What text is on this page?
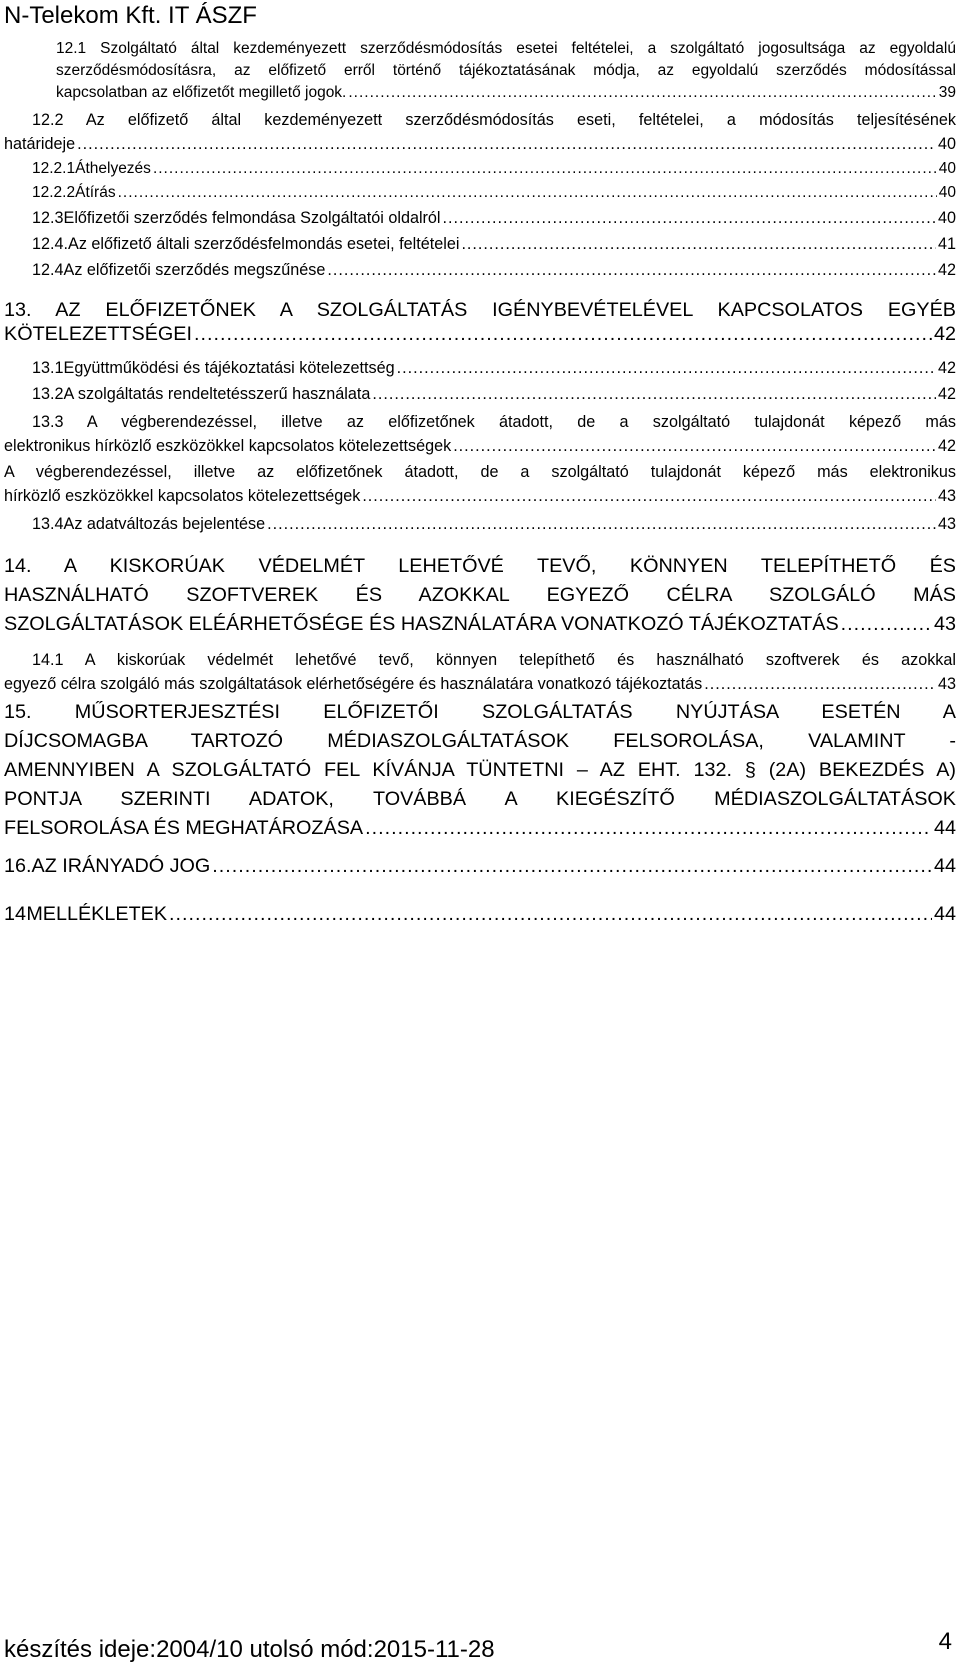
N-Telekom Kft. IT ÁSZF
12.1 Szolgáltató által kezdeményezett szerződésmódosítás esetei feltételei, a szolgáltató jogosultsága az egyoldalú
szerződésmódosításra, az előfizető erről történő tájékoztatásának módja, az egyoldalú szerződés módosítással
kapcsolatban az előfizetőt megillető jogok. .....	39
12.2 Az előfizető által kezdeményezett szerződésmódosítás eseti, feltételei, a módosítás teljesítésének
határideje .....	40
12.2.1 Áthelyezés .....	40
12.2.2 Átírás .....	40
12.3 Előfizetői szerződés felmondása Szolgáltatói oldalról .....	40
12.4. Az előfizető általi szerződésfelmondás esetei, feltételei .....	41
12.4 Az előfizetői szerződés megszűnése .....	42
13. AZ ELŐFIZETŐNEK A SZOLGÁLTATÁS IGÉNYBEVÉTELÉVEL KAPCSOLATOS EGYÉB
KÖTELEZETTSÉGEI .....	42
13.1 Együttműködési és tájékoztatási kötelezettség .....	42
13.2 A szolgáltatás rendeltetésszerű használata .....	42
13.3 A végberendezéssel, illetve az előfizetőnek átadott, de a szolgáltató tulajdonát képező más
elektronikus hírközlő eszközökkel kapcsolatos kötelezettségek .....	42
A végberendezéssel, illetve az előfizetőnek átadott, de a szolgáltató tulajdonát képező más elektronikus
hírközlő eszközökkel kapcsolatos kötelezettségek .....	43
13.4 Az adatváltozás bejelentése .....	43
14. A KISKORÚAK VÉDELMÉT LEHETŐVÉ TEVŐ, KÖNNYEN TELEPÍTHETŐ ÉS
HASZNÁLHATÓ SZOFTVEREK ÉS AZOKKAL EGYEZŐ CÉLRA SZOLGÁLÓ MÁS
SZOLGÁLTATÁSOK ELÉÁRHETŐSÉGE ÉS HASZNÁLATÁRA VONATKOZÓ TÁJÉKOZTATÁS .....	43
14.1 A kiskorúak védelmét lehetővé tevő, könnyen telepíthető és használható szoftverek és azokkal
egyező célra szolgáló más szolgáltatások elérhetőségére és használatára vonatkozó tájékoztatás .....	43
15. MŰSORTERJESZTÉSI ELŐFIZETŐI SZOLGÁLTATÁS NYÚJTÁSA ESETÉN A
DÍJCSOMAGBA TARTOZÓ MÉDIASZOLGÁLTATÁSOK FELSOROLÁSA, VALAMINT -
AMENNYIBEN A SZOLGÁLTATÓ FEL KÍVÁNJA TÜNTETNI – AZ EHT. 132. § (2A) BEKEZDÉS A)
PONTJA SZERINTI ADATOK, TOVÁBBÁ A KIEGÉSZÍTŐ MÉDIASZOLGÁLTATÁSOK
FELSOROLÁSA ÉS MEGHATÁROZÁSA .....	44
16. AZ IRÁNYADÓ JOG .....	44
14 MELLÉKLETEK .....	44
készítés ideje:2004/10 utolsó mód:2015-11-28	4
